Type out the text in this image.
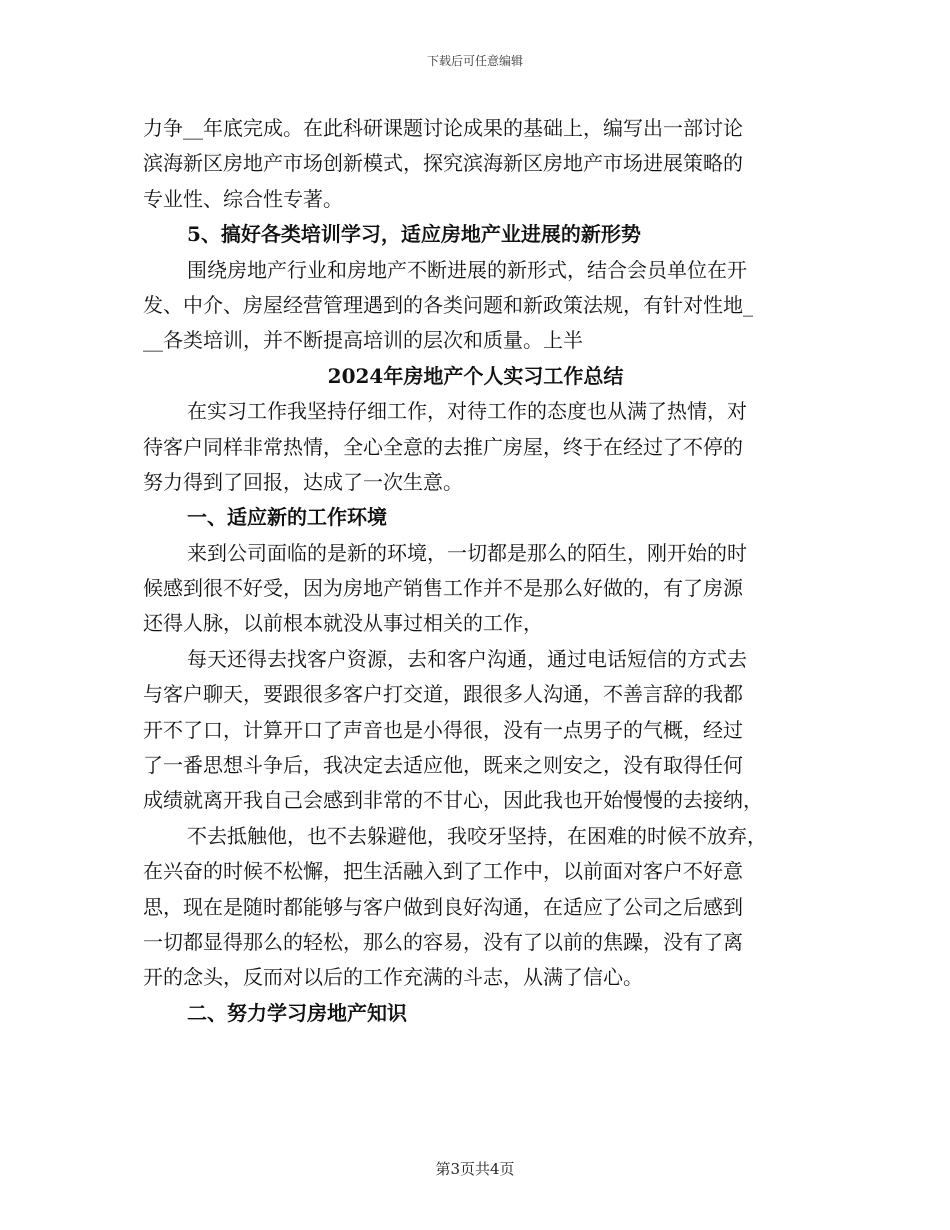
下载后可任意编辑
力争__年底完成。在此科研课题讨论成果的基础上，编写出一部讨论
滨海新区房地产市场创新模式，探究滨海新区房地产市场进展策略的
专业性、综合性专著。
5、搞好各类培训学习，适应房地产业进展的新形势
围绕房地产行业和房地产不断进展的新形式，结合会员单位在开
发、中介、房屋经营管理遇到的各类问题和新政策法规，有针对性地_
__各类培训，并不断提高培训的层次和质量。上半
2024年房地产个人实习工作总结
在实习工作我坚持仔细工作，对待工作的态度也从满了热情，对
待客户同样非常热情，全心全意的去推广房屋，终于在经过了不停的
努力得到了回报，达成了一次生意。
一、适应新的工作环境
来到公司面临的是新的环境，一切都是那么的陌生，刚开始的时
候感到很不好受，因为房地产销售工作并不是那么好做的，有了房源
还得人脉，以前根本就没从事过相关的工作，
每天还得去找客户资源，去和客户沟通，通过电话短信的方式去
与客户聊天，要跟很多客户打交道，跟很多人沟通，不善言辞的我都
开不了口，计算开口了声音也是小得很，没有一点男子的气概，经过
了一番思想斗争后，我决定去适应他，既来之则安之，没有取得任何
成绩就离开我自己会感到非常的不甘心，因此我也开始慢慢的去接纳，
不去抵触他，也不去躲避他，我咬牙坚持，在困难的时候不放弃，
在兴奋的时候不松懈，把生活融入到了工作中，以前面对客户不好意
思，现在是随时都能够与客户做到良好沟通，在适应了公司之后感到
一切都显得那么的轻松，那么的容易，没有了以前的焦躁，没有了离
开的念头，反而对以后的工作充满的斗志，从满了信心。
二、努力学习房地产知识
第3页共4页
